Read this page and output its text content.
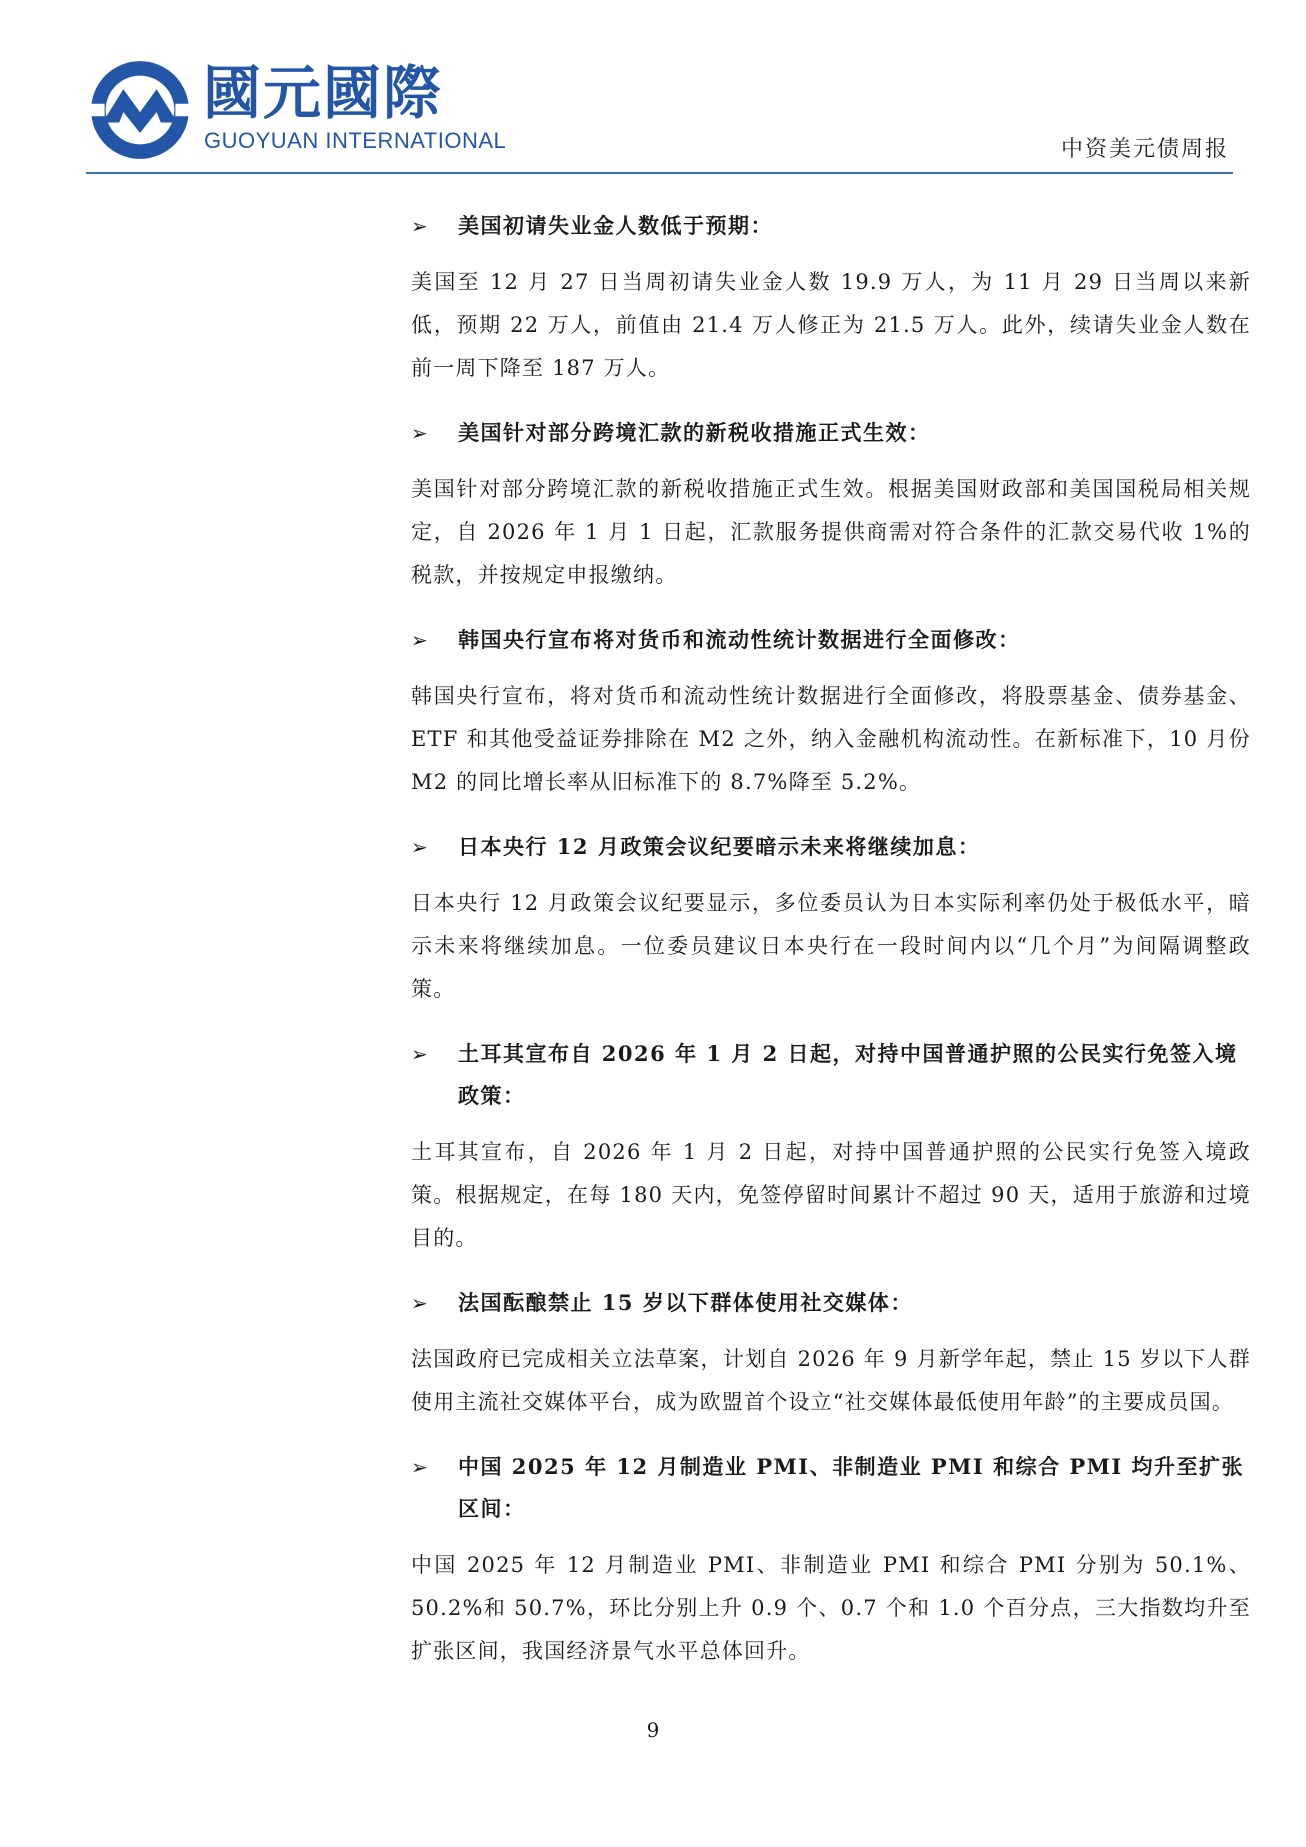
國元國際
GUOYUAN INTERNATIONAL	中资美元债周报
➢ 美国初请失业金人数低于预期：

美国至 12 月 27 日当周初请失业金人数 19.9 万人，为 11 月 29 日当周以来新低，预期 22 万人，前值由 21.4 万人修正为 21.5 万人。此外，续请失业金人数在前一周下降至 187 万人。

➢ 美国针对部分跨境汇款的新税收措施正式生效：

美国针对部分跨境汇款的新税收措施正式生效。根据美国财政部和美国国税局相关规定，自 2026 年 1 月 1 日起，汇款服务提供商需对符合条件的汇款交易代收 1%的税款，并按规定申报缴纳。

➢ 韩国央行宣布将对货币和流动性统计数据进行全面修改：

韩国央行宣布，将对货币和流动性统计数据进行全面修改，将股票基金、债券基金、ETF 和其他受益证券排除在 M2 之外，纳入金融机构流动性。在新标准下，10 月份 M2 的同比增长率从旧标准下的 8.7%降至 5.2%。

➢ 日本央行 12 月政策会议纪要暗示未来将继续加息：

日本央行 12 月政策会议纪要显示，多位委员认为日本实际利率仍处于极低水平，暗示未来将继续加息。一位委员建议日本央行在一段时间内以“几个月”为间隔调整政策。

➢ 土耳其宣布自 2026 年 1 月 2 日起，对持中国普通护照的公民实行免签入境政策：

土耳其宣布，自 2026 年 1 月 2 日起，对持中国普通护照的公民实行免签入境政策。根据规定，在每 180 天内，免签停留时间累计不超过 90 天，适用于旅游和过境目的。

➢ 法国酝酿禁止 15 岁以下群体使用社交媒体：

法国政府已完成相关立法草案，计划自 2026 年 9 月新学年起，禁止 15 岁以下人群使用主流社交媒体平台，成为欧盟首个设立“社交媒体最低使用年龄”的主要成员国。

➢ 中国 2025 年 12 月制造业 PMI、非制造业 PMI 和综合 PMI 均升至扩张区间：

中国 2025 年 12 月制造业 PMI、非制造业 PMI 和综合 PMI 分别为 50.1%、50.2%和 50.7%，环比分别上升 0.9 个、0.7 个和 1.0 个百分点，三大指数均升至扩张区间，我国经济景气水平总体回升。

9
